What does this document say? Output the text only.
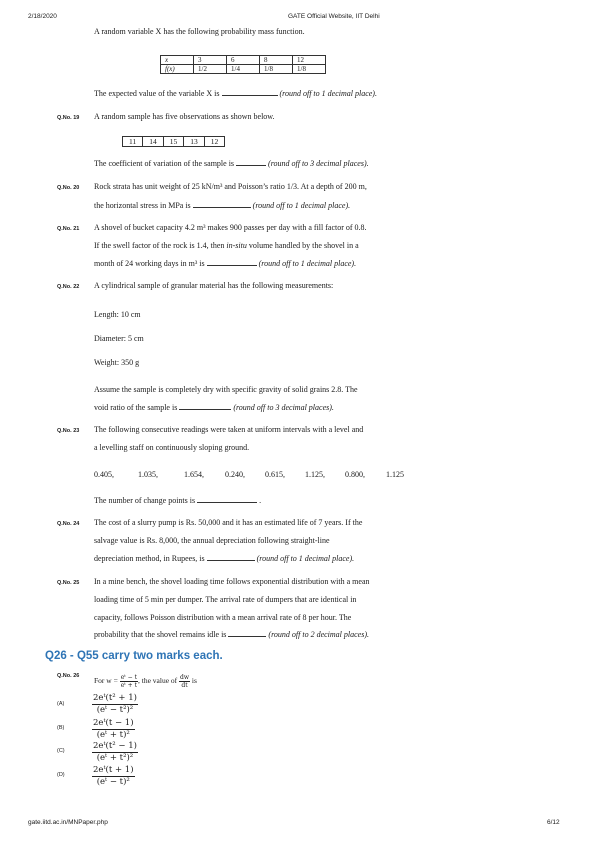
2/18/2020	GATE Official Website, IIT Delhi
A random variable X has the following probability mass function.
x	3	6	8	12
f(x)	1/2	1/4	1/8	1/8
The expected value of the variable X is	(round off to 1 decimal place).
Q.No. 19 A random sample has five observations as shown below.
11	14	15	13	12
The coefficient of variation of the sample is	(round off to 3 decimal places).
Q.No. 20 Rock strata has unit weight of 25 kN/m³ and Poisson’s ratio 1/3. At a depth of 200 m,
the horizontal stress in MPa is	(round off to 1 decimal place).
Q.No. 21 A shovel of bucket capacity 4.2 m³ makes 900 passes per day with a fill factor of 0.8.
If the swell factor of the rock is 1.4, then in-situ volume handled by the shovel in a
month of 24 working days in m³ is	(round off to 1 decimal place).
Q.No. 22 A cylindrical sample of granular material has the following measurements:
Length: 10 cm
Diameter: 5 cm
Weight: 350 g
Assume the sample is completely dry with specific gravity of solid grains 2.8. The
void ratio of the sample is	(round off to 3 decimal places).
Q.No. 23 The following consecutive readings were taken at uniform intervals with a level and
a levelling staff on continuously sloping ground.
0.405,	1.035,	1.654,	0.240,	0.615,	1.125,	0.800,	1.125
The number of change points is	.
Q.No. 24 The cost of a slurry pump is Rs. 50,000 and it has an estimated life of 7 years. If the
salvage value is Rs. 8,000, the annual depreciation following straight-line
depreciation method, in Rupees, is	(round off to 1 decimal place).
Q.No. 25 In a mine bench, the shovel loading time follows exponential distribution with a mean
loading time of 5 min per dumper. The arrival rate of dumpers that are identical in
capacity, follows Poisson distribution with a mean arrival rate of 8 per hour. The
probability that the shovel remains idle is	(round off to 2 decimal places).
Q26 - Q55 carry two marks each.
Q.No. 26
For $w = \frac{\text{eᵗ − t}}{\text{eᵗ + t}}$ , the value of $\frac{dw}{dt}$ is
(A)	$\frac{\text{2eᵗ(t² + 1)}}{\text{(eᵗ − t²)²}}$
(B)	$\frac{\text{2eᵗ(t − 1)}}{\text{(eᵗ + t)²}}$
(C)	$\frac{\text{2eᵗ(t² − 1)}}{\text{(eᵗ + t²)²}}$
(D)	$\frac{\text{2eᵗ(t + 1)}}{\text{(eᵗ − t)²}}$
gate.iitd.ac.in/MNPaper.php	6/12
